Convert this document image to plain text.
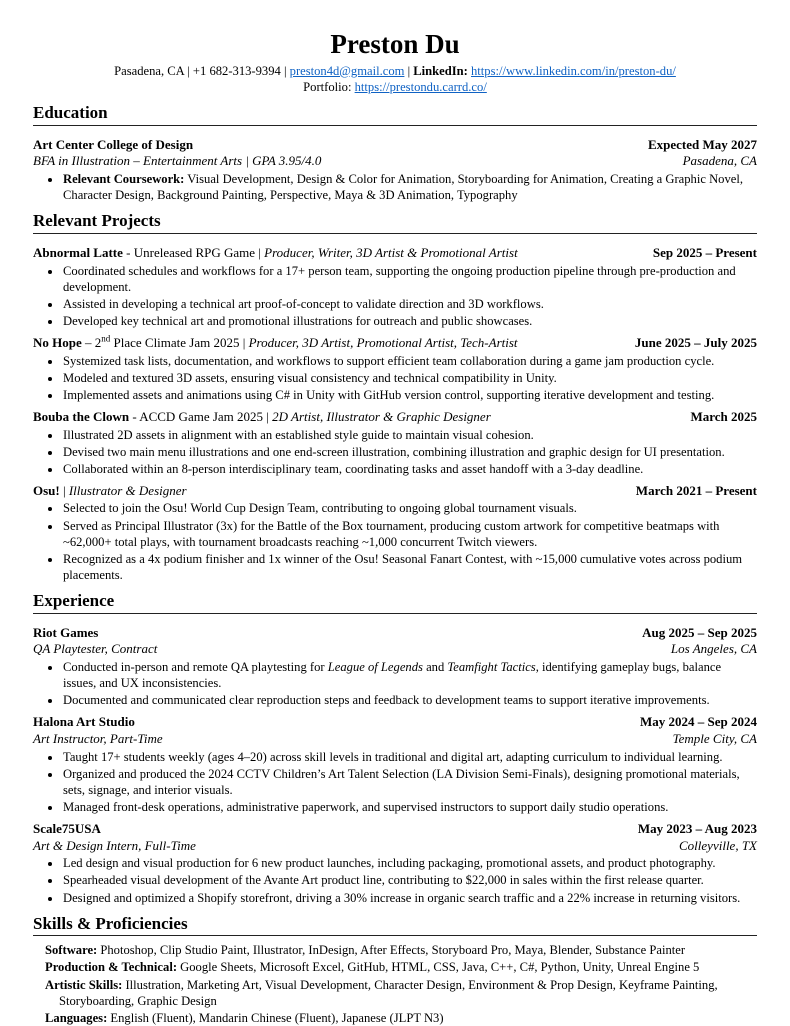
Preston Du
Pasadena, CA | +1 682-313-9394 | preston4d@gmail.com | LinkedIn: https://www.linkedin.com/in/preston-du/
Portfolio: https://prestondu.carrd.co/
Education
Art Center College of Design	Expected May 2027
BFA in Illustration – Entertainment Arts | GPA 3.95/4.0	Pasadena, CA
• Relevant Coursework: Visual Development, Design & Color for Animation, Storyboarding for Animation, Creating a Graphic Novel, Character Design, Background Painting, Perspective, Maya & 3D Animation, Typography
Relevant Projects
Abnormal Latte - Unreleased RPG Game | Producer, Writer, 3D Artist & Promotional Artist	Sep 2025 – Present
• Coordinated schedules and workflows for a 17+ person team, supporting the ongoing production pipeline through pre-production and development.
• Assisted in developing a technical art proof-of-concept to validate direction and 3D workflows.
• Developed key technical art and promotional illustrations for outreach and public showcases.
No Hope – 2nd Place Climate Jam 2025 | Producer, 3D Artist, Promotional Artist, Tech-Artist	June 2025 – July 2025
• Systemized task lists, documentation, and workflows to support efficient team collaboration during a game jam production cycle.
• Modeled and textured 3D assets, ensuring visual consistency and technical compatibility in Unity.
• Implemented assets and animations using C# in Unity with GitHub version control, supporting iterative development and testing.
Bouba the Clown - ACCD Game Jam 2025 | 2D Artist, Illustrator & Graphic Designer	March 2025
• Illustrated 2D assets in alignment with an established style guide to maintain visual cohesion.
• Devised two main menu illustrations and one end-screen illustration, combining illustration and graphic design for UI presentation.
• Collaborated within an 8-person interdisciplinary team, coordinating tasks and asset handoff with a 3-day deadline.
Osu! | Illustrator & Designer	March 2021 – Present
• Selected to join the Osu! World Cup Design Team, contributing to ongoing global tournament visuals.
• Served as Principal Illustrator (3x) for the Battle of the Box tournament, producing custom artwork for competitive beatmaps with ~62,000+ total plays, with tournament broadcasts reaching ~1,000 concurrent Twitch viewers.
• Recognized as a 4x podium finisher and 1x winner of the Osu! Seasonal Fanart Contest, with ~15,000 cumulative votes across podium placements.
Experience
Riot Games	Aug 2025 – Sep 2025
QA Playtester, Contract	Los Angeles, CA
• Conducted in-person and remote QA playtesting for League of Legends and Teamfight Tactics, identifying gameplay bugs, balance issues, and UX inconsistencies.
• Documented and communicated clear reproduction steps and feedback to development teams to support iterative improvements.
Halona Art Studio	May 2024 – Sep 2024
Art Instructor, Part-Time	Temple City, CA
• Taught 17+ students weekly (ages 4–20) across skill levels in traditional and digital art, adapting curriculum to individual learning.
• Organized and produced the 2024 CCTV Children’s Art Talent Selection (LA Division Semi-Finals), designing promotional materials, sets, signage, and interior visuals.
• Managed front-desk operations, administrative paperwork, and supervised instructors to support daily studio operations.
Scale75USA	May 2023 – Aug 2023
Art & Design Intern, Full-Time	Colleyville, TX
• Led design and visual production for 6 new product launches, including packaging, promotional assets, and product photography.
• Spearheaded visual development of the Avante Art product line, contributing to $22,000 in sales within the first release quarter.
• Designed and optimized a Shopify storefront, driving a 30% increase in organic search traffic and a 22% increase in returning visitors.
Skills & Proficiencies
Software: Photoshop, Clip Studio Paint, Illustrator, InDesign, After Effects, Storyboard Pro, Maya, Blender, Substance Painter
Production & Technical: Google Sheets, Microsoft Excel, GitHub, HTML, CSS, Java, C++, C#, Python, Unity, Unreal Engine 5
Artistic Skills: Illustration, Marketing Art, Visual Development, Character Design, Environment & Prop Design, Keyframe Painting, Storyboarding, Graphic Design
Languages: English (Fluent), Mandarin Chinese (Fluent), Japanese (JLPT N3)
